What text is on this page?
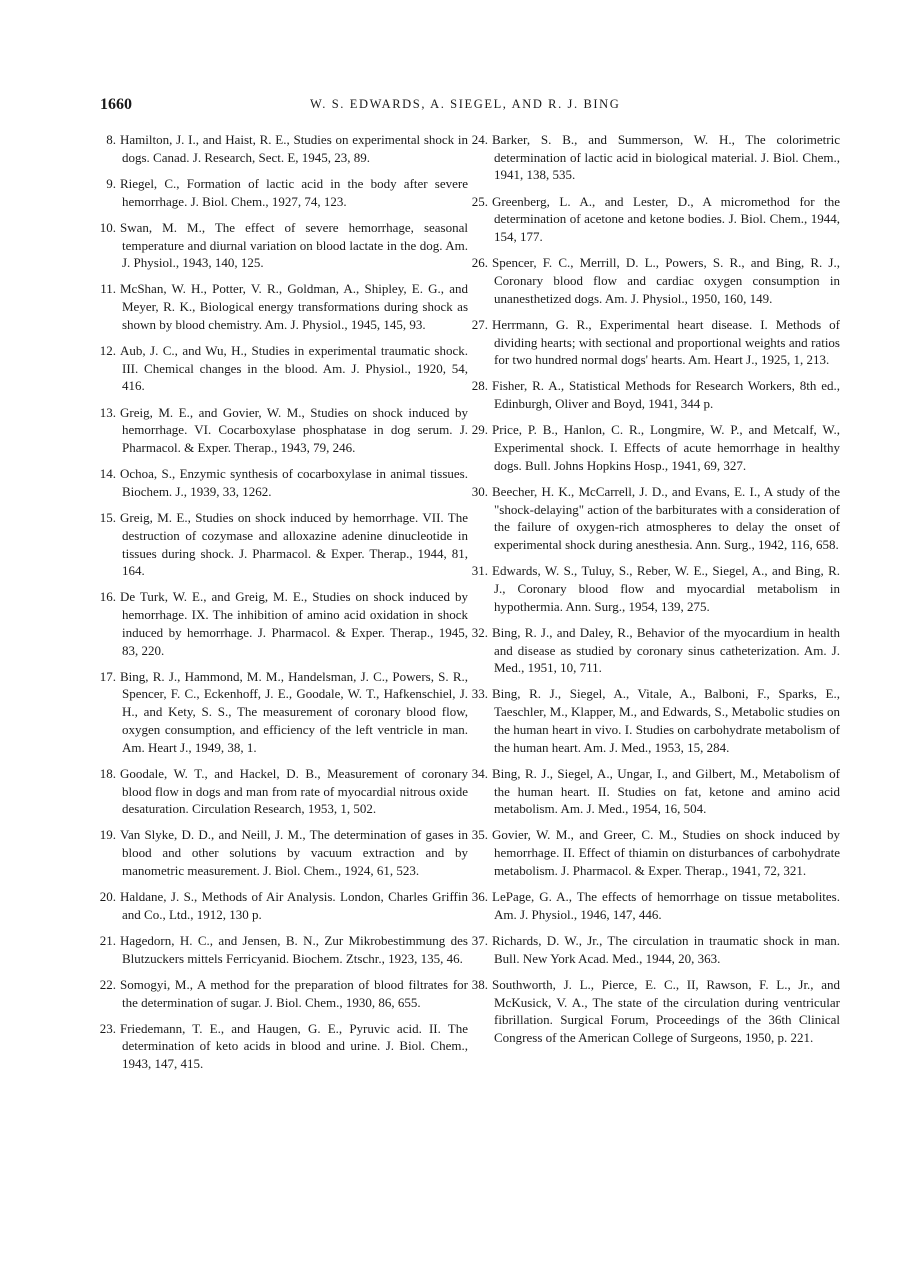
1660	W. S. EDWARDS, A. SIEGEL, AND R. J. BING

8. Hamilton, J. I., and Haist, R. E., Studies on experimental shock in dogs. Canad. J. Research, Sect. E, 1945, 23, 89.

9. Riegel, C., Formation of lactic acid in the body after severe hemorrhage. J. Biol. Chem., 1927, 74, 123.

10. Swan, M. M., The effect of severe hemorrhage, seasonal temperature and diurnal variation on blood lactate in the dog. Am. J. Physiol., 1943, 140, 125.

11. McShan, W. H., Potter, V. R., Goldman, A., Shipley, E. G., and Meyer, R. K., Biological energy transformations during shock as shown by blood chemistry. Am. J. Physiol., 1945, 145, 93.

12. Aub, J. C., and Wu, H., Studies in experimental traumatic shock. III. Chemical changes in the blood. Am. J. Physiol., 1920, 54, 416.

13. Greig, M. E., and Govier, W. M., Studies on shock induced by hemorrhage. VI. Cocarboxylase phosphatase in dog serum. J. Pharmacol. & Exper. Therap., 1943, 79, 246.

14. Ochoa, S., Enzymic synthesis of cocarboxylase in animal tissues. Biochem. J., 1939, 33, 1262.

15. Greig, M. E., Studies on shock induced by hemorrhage. VII. The destruction of cozymase and alloxazine adenine dinucleotide in tissues during shock. J. Pharmacol. & Exper. Therap., 1944, 81, 164.

16. De Turk, W. E., and Greig, M. E., Studies on shock induced by hemorrhage. IX. The inhibition of amino acid oxidation in shock induced by hemorrhage. J. Pharmacol. & Exper. Therap., 1945, 83, 220.

17. Bing, R. J., Hammond, M. M., Handelsman, J. C., Powers, S. R., Spencer, F. C., Eckenhoff, J. E., Goodale, W. T., Hafkenschiel, J. H., and Kety, S. S., The measurement of coronary blood flow, oxygen consumption, and efficiency of the left ventricle in man. Am. Heart J., 1949, 38, 1.

18. Goodale, W. T., and Hackel, D. B., Measurement of coronary blood flow in dogs and man from rate of myocardial nitrous oxide desaturation. Circulation Research, 1953, 1, 502.

19. Van Slyke, D. D., and Neill, J. M., The determination of gases in blood and other solutions by vacuum extraction and by manometric measurement. J. Biol. Chem., 1924, 61, 523.

20. Haldane, J. S., Methods of Air Analysis. London, Charles Griffin and Co., Ltd., 1912, 130 p.

21. Hagedorn, H. C., and Jensen, B. N., Zur Mikrobestimmung des Blutzuckers mittels Ferricyanid. Biochem. Ztschr., 1923, 135, 46.

22. Somogyi, M., A method for the preparation of blood filtrates for the determination of sugar. J. Biol. Chem., 1930, 86, 655.

23. Friedemann, T. E., and Haugen, G. E., Pyruvic acid. II. The determination of keto acids in blood and urine. J. Biol. Chem., 1943, 147, 415.

24. Barker, S. B., and Summerson, W. H., The colorimetric determination of lactic acid in biological material. J. Biol. Chem., 1941, 138, 535.

25. Greenberg, L. A., and Lester, D., A micromethod for the determination of acetone and ketone bodies. J. Biol. Chem., 1944, 154, 177.

26. Spencer, F. C., Merrill, D. L., Powers, S. R., and Bing, R. J., Coronary blood flow and cardiac oxygen consumption in unanesthetized dogs. Am. J. Physiol., 1950, 160, 149.

27. Herrmann, G. R., Experimental heart disease. I. Methods of dividing hearts; with sectional and proportional weights and ratios for two hundred normal dogs' hearts. Am. Heart J., 1925, 1, 213.

28. Fisher, R. A., Statistical Methods for Research Workers, 8th ed., Edinburgh, Oliver and Boyd, 1941, 344 p.

29. Price, P. B., Hanlon, C. R., Longmire, W. P., and Metcalf, W., Experimental shock. I. Effects of acute hemorrhage in healthy dogs. Bull. Johns Hopkins Hosp., 1941, 69, 327.

30. Beecher, H. K., McCarrell, J. D., and Evans, E. I., A study of the "shock-delaying" action of the barbiturates with a consideration of the failure of oxygen-rich atmospheres to delay the onset of experimental shock during anesthesia. Ann. Surg., 1942, 116, 658.

31. Edwards, W. S., Tuluy, S., Reber, W. E., Siegel, A., and Bing, R. J., Coronary blood flow and myocardial metabolism in hypothermia. Ann. Surg., 1954, 139, 275.

32. Bing, R. J., and Daley, R., Behavior of the myocardium in health and disease as studied by coronary sinus catheterization. Am. J. Med., 1951, 10, 711.

33. Bing, R. J., Siegel, A., Vitale, A., Balboni, F., Sparks, E., Taeschler, M., Klapper, M., and Edwards, S., Metabolic studies on the human heart in vivo. I. Studies on carbohydrate metabolism of the human heart. Am. J. Med., 1953, 15, 284.

34. Bing, R. J., Siegel, A., Ungar, I., and Gilbert, M., Metabolism of the human heart. II. Studies on fat, ketone and amino acid metabolism. Am. J. Med., 1954, 16, 504.

35. Govier, W. M., and Greer, C. M., Studies on shock induced by hemorrhage. II. Effect of thiamin on disturbances of carbohydrate metabolism. J. Pharmacol. & Exper. Therap., 1941, 72, 321.

36. LePage, G. A., The effects of hemorrhage on tissue metabolites. Am. J. Physiol., 1946, 147, 446.

37. Richards, D. W., Jr., The circulation in traumatic shock in man. Bull. New York Acad. Med., 1944, 20, 363.

38. Southworth, J. L., Pierce, E. C., II, Rawson, F. L., Jr., and McKusick, V. A., The state of the circulation during ventricular fibrillation. Surgical Forum, Proceedings of the 36th Clinical Congress of the American College of Surgeons, 1950, p. 221.
